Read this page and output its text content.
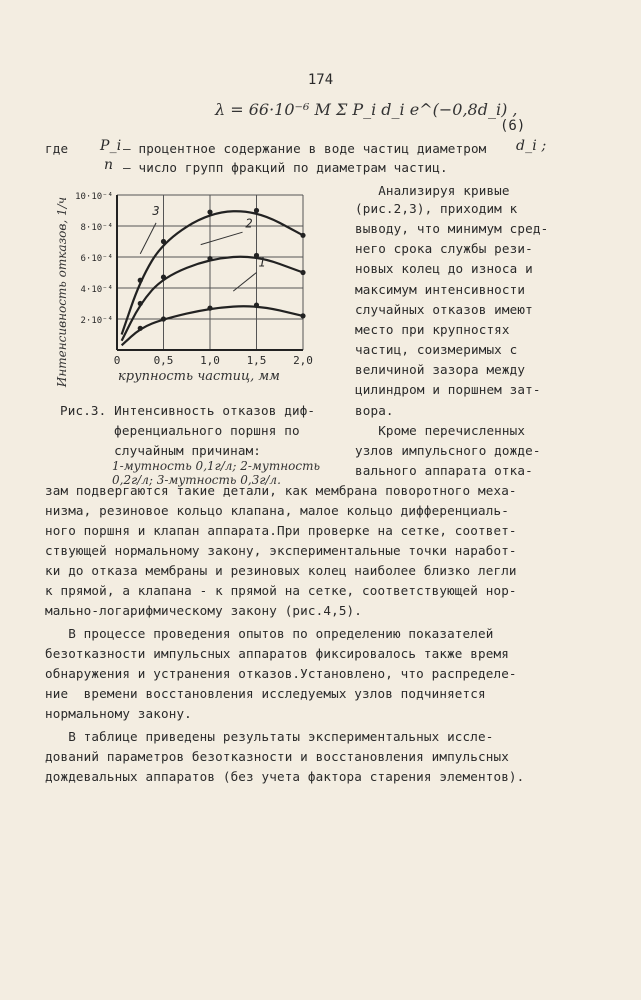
174
λ = 66·10⁻⁶ M Σ P_i d_i e^(−0,8d_i) ,
(6)
где P_i – процентное содержание в воде частиц диаметром d_i ;
n – число групп фракций по диаметрам частиц.
Интенсивность отказов, 1/ч	0	0,5 1,0 1,5 2,0
2·10⁻⁴
4·10⁻⁴
6·10⁻⁴
8·10⁻⁴
10·10⁻⁴
3
2
1
крупность частиц, мм
Анализируя кривые
(рис.2,3), приходим к
выводу, что минимум сред-
него срока службы рези-
новых колец до износа и
максимум интенсивности
случайных отказов имеют
место при крупностях
частиц, соизмеримых с
величиной зазора между
цилиндром и поршнем зат-
вора.
Кроме перечисленных
узлов импульсного дожде-
вального аппарата отка-
Рис.3. Интенсивность отказов диф-
ференциального поршня по
случайным причинам:
1-мутность 0,1г/л; 2-мутность
0,2г/л; 3-мутность 0,3г/л.
зам подвергаются такие детали, как мембрана поворотного меха-
низма, резиновое кольцо клапана, малое кольцо дифференциаль-
ного поршня и клапан аппарата.При проверке на сетке, соответ-
ствующей нормальному закону, экспериментальные точки наработ-
ки до отказа мембраны и резиновых колец наиболее близко легли
к прямой, а клапана - к прямой на сетке, соответствующей нор-
мально-логарифмическому закону (рис.4,5).
В процессе проведения опытов по определению показателей
безотказности импульсных аппаратов фиксировалось также время
обнаружения и устранения отказов.Установлено, что распределе-
ние  времени восстановления исследуемых узлов подчиняется
нормальному закону.
В таблице приведены результаты экспериментальных иссле-
дований параметров безотказности и восстановления импульсных
дождевальных аппаратов (без учета фактора старения элементов).
